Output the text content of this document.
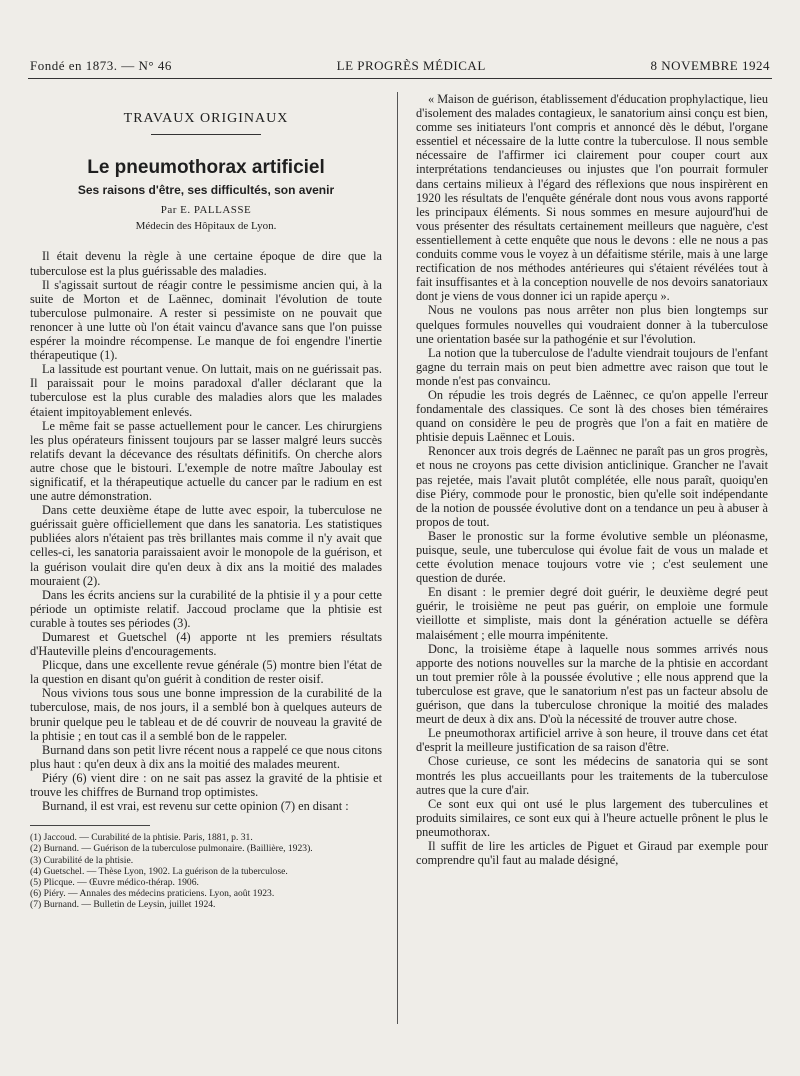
Fondé en 1873. — N° 46	LE PROGRÈS MÉDICAL	8 NOVEMBRE 1924
TRAVAUX ORIGINAUX
Le pneumothorax artificiel
Ses raisons d'être, ses difficultés, son avenir
Par E. PALLASSE
Médecin des Hôpitaux de Lyon.

Il était devenu la règle à une certaine époque de dire que la tuberculose est la plus guérissable des maladies.

Il s'agissait surtout de réagir contre le pessimisme ancien qui, à la suite de Morton et de Laënnec, dominait l'évolution de toute tuberculose pulmonaire. A rester si pessimiste on ne pouvait que renoncer à une lutte où l'on était vaincu d'avance sans que l'on puisse espérer la moindre récompense. Le manque de foi engendre l'inertie thérapeutique (1).

La lassitude est pourtant venue. On luttait, mais on ne guérissait pas. Il paraissait pour le moins paradoxal d'aller déclarant que la tuberculose est la plus curable des maladies alors que les malades étaient impitoyablement enlevés.

Le même fait se passe actuellement pour le cancer. Les chirurgiens les plus opérateurs finissent toujours par se lasser malgré leurs succès relatifs devant la décevance des résultats définitifs. On cherche alors autre chose que le bistouri. L'exemple de notre maître Jaboulay est significatif, et la thérapeutique actuelle du cancer par le radium en est une autre démonstration.

Dans cette deuxième étape de lutte avec espoir, la tuberculose ne guérissait guère officiellement que dans les sanatoria. Les statistiques publiées alors n'étaient pas très brillantes mais comme il n'y avait que celles-ci, les sanatoria paraissaient avoir le monopole de la guérison, et la guérison voulait dire qu'en deux à dix ans la moitié des malades mouraient (2).

Dans les écrits anciens sur la curabilité de la phtisie il y a pour cette période un optimiste relatif. Jaccoud proclame que la phtisie est curable à toutes ses périodes (3).

Dumarest et Guetschel (4) apporte nt les premiers résultats d'Hauteville pleins d'encouragements.

Plicque, dans une excellente revue générale (5) montre bien l'état de la question en disant qu'on guérit à condition de rester oisif.

Nous vivions tous sous une bonne impression de la curabilité de la tuberculose, mais, de nos jours, il a semblé bon à quelques auteurs de brunir quelque peu le tableau et de dé couvrir de nouveau la gravité de la phtisie ; en tout cas il a semblé bon de le rappeler.

Burnand dans son petit livre récent nous a rappelé ce que nous citons plus haut : qu'en deux à dix ans la moitié des malades meurent.

Piéry (6) vient dire : on ne sait pas assez la gravité de la phtisie et trouve les chiffres de Burnand trop optimistes.

Burnand, il est vrai, est revenu sur cette opinion (7) en disant :

(1) Jaccoud. — Curabilité de la phtisie. Paris, 1881, p. 31.
(2) Burnand. — Guérison de la tuberculose pulmonaire. (Baillière, 1923).
(3) Curabilité de la phtisie.
(4) Guetschel. — Thèse Lyon, 1902. La guérison de la tuberculose.
(5) Plicque. — Œuvre médico-thérap. 1906.
(6) Piéry. — Annales des médecins praticiens. Lyon, août 1923.
(7) Burnand. — Bulletin de Leysin, juillet 1924.

« Maison de guérison, établissement d'éducation prophylactique, lieu d'isolement des malades contagieux, le sanatorium ainsi conçu est bien, comme ses initiateurs l'ont compris et annoncé dès le début, l'organe essentiel et nécessaire de la lutte contre la tuberculose. Il nous semble nécessaire de l'affirmer ici clairement pour couper court aux interprétations tendancieuses ou injustes que l'on pourrait formuler dans certains milieux à l'égard des réflexions que nous inspirèrent en 1920 les résultats de l'enquête générale dont nous vous avons rapporté les principaux éléments. Si nous sommes en mesure aujourd'hui de vous présenter des résultats certainement meilleurs que naguère, c'est essentiellement à cette enquête que nous le devons : elle ne nous a pas conduits comme vous le voyez à un défaitisme stérile, mais à une large rectification de nos méthodes antérieures qui s'étaient révélées tout à fait insuffisantes et à la conception nouvelle de nos devoirs sanatoriaux dont je viens de vous donner ici un rapide aperçu ».

Nous ne voulons pas nous arrêter non plus bien longtemps sur quelques formules nouvelles qui voudraient donner à la tuberculose une orientation basée sur la pathogénie et sur l'évolution.

La notion que la tuberculose de l'adulte viendrait toujours de l'enfant gagne du terrain mais on peut bien admettre avec raison que tout le monde n'est pas convaincu.

On répudie les trois degrés de Laënnec, ce qu'on appelle l'erreur fondamentale des classiques. Ce sont là des choses bien téméraires quand on considère le peu de progrès que l'on a fait en matière de phtisie depuis Laënnec et Louis.

Renoncer aux trois degrés de Laënnec ne paraît pas un gros progrès, et nous ne croyons pas cette division anticlinique. Grancher ne l'avait pas rejetée, mais l'avait plutôt complétée, elle nous paraît, quoiqu'en dise Piéry, commode pour le pronostic, bien qu'elle soit indépendante de la notion de poussée évolutive dont on a tendance un peu à abuser à propos de tout.

Baser le pronostic sur la forme évolutive semble un pléonasme, puisque, seule, une tuberculose qui évolue fait de vous un malade et cette évolution menace toujours votre vie ; c'est seulement une question de durée.

En disant : le premier degré doit guérir, le deuxième degré peut guérir, le troisième ne peut pas guérir, on emploie une formule vieillotte et simpliste, mais dont la génération actuelle se défèra malaisément ; elle mourra impénitente.

Donc, la troisième étape à laquelle nous sommes arrivés nous apporte des notions nouvelles sur la marche de la phtisie en accordant un tout premier rôle à la poussée évolutive ; elle nous apprend que la tuberculose est grave, que le sanatorium n'est pas un facteur absolu de guérison, que dans la tuberculose chronique la moitié des malades meurt de deux à dix ans. D'où la nécessité de trouver autre chose.

Le pneumothorax artificiel arrive à son heure, il trouve dans cet état d'esprit la meilleure justification de sa raison d'être.

Chose curieuse, ce sont les médecins de sanatoria qui se sont montrés les plus accueillants pour les traitements de la tuberculose autres que la cure d'air.

Ce sont eux qui ont usé le plus largement des tuberculines et produits similaires, ce sont eux qui à l'heure actuelle prônent le plus le pneumothorax.

Il suffit de lire les articles de Piguet et Giraud par exemple pour comprendre qu'il faut au malade désigné,
